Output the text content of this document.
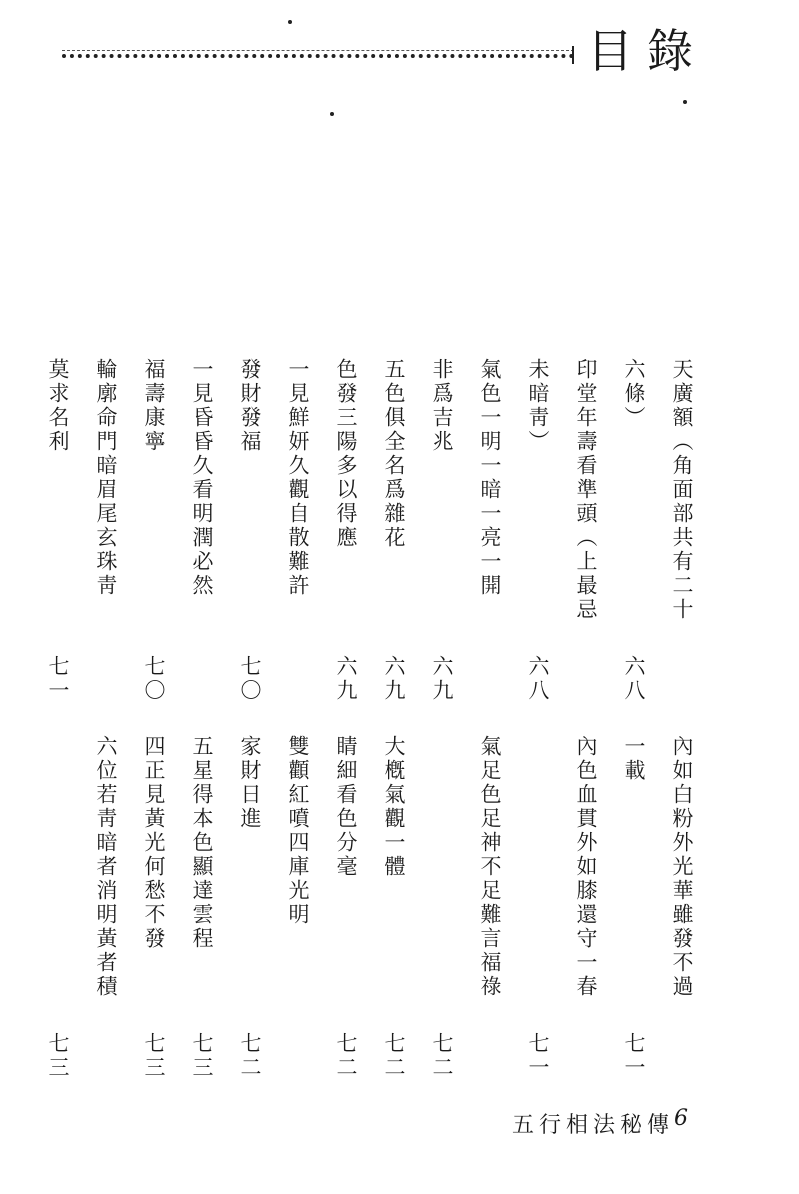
目錄
天廣額（角面部共有二十
六條）
六八
印堂年壽看準頭（上最忌
未暗靑）
六八
氣色一明一暗一亮一開
非爲吉兆
六九
五色俱全名爲雜花
六九
色發三陽多以得應
六九
一見鮮妍久觀自散難許
發財發福
七〇
一見昏昏久看明潤必然
福壽康寧
七〇
輪廓命門暗眉尾玄珠靑
莫求名利
七一
內如白粉外光華雖發不過
一載
七一
內色血貫外如膝還守一春
七一
氣足色足神不足難言福祿
七二
大槪氣觀一體
七二
睛細看色分毫
七二
雙顴紅噴四庫光明
家財日進
七二
五星得本色顯達雲程
七三
四正見黃光何愁不發
七三
六位若靑暗者消明黃者積
七三
五行相法秘傳 6
